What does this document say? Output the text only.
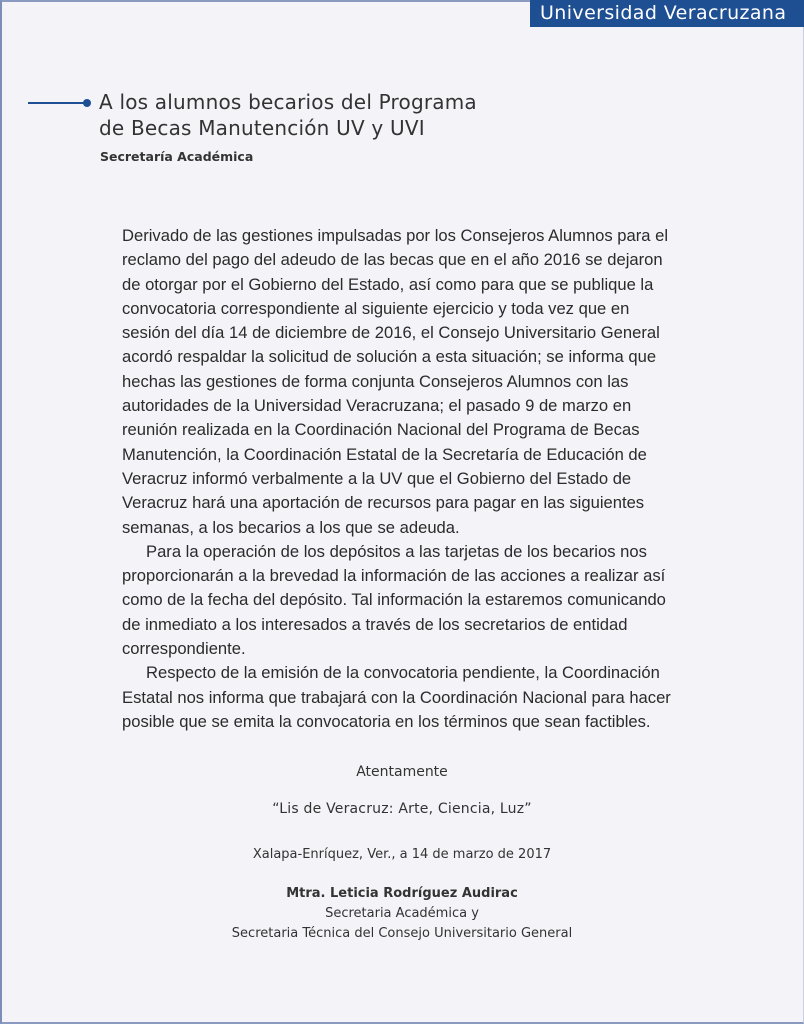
Universidad Veracruzana
A los alumnos becarios del Programa
de Becas Manutención UV y UVI
Secretaría Académica
Derivado de las gestiones impulsadas por los Consejeros Alumnos para el
reclamo del pago del adeudo de las becas que en el año 2016 se dejaron
de otorgar por el Gobierno del Estado, así como para que se publique la
convocatoria correspondiente al siguiente ejercicio y toda vez que en
sesión del día 14 de diciembre de 2016, el Consejo Universitario General
acordó respaldar la solicitud de solución a esta situación; se informa que
hechas las gestiones de forma conjunta Consejeros Alumnos con las
autoridades de la Universidad Veracruzana; el pasado 9 de marzo en
reunión realizada en la Coordinación Nacional del Programa de Becas
Manutención, la Coordinación Estatal de la Secretaría de Educación de
Veracruz informó verbalmente a la UV que el Gobierno del Estado de
Veracruz hará una aportación de recursos para pagar en las siguientes
semanas, a los becarios a los que se adeuda.
Para la operación de los depósitos a las tarjetas de los becarios nos
proporcionarán a la brevedad la información de las acciones a realizar así
como de la fecha del depósito. Tal información la estaremos comunicando
de inmediato a los interesados a través de los secretarios de entidad
correspondiente.
Respecto de la emisión de la convocatoria pendiente, la Coordinación
Estatal nos informa que trabajará con la Coordinación Nacional para hacer
posible que se emita la convocatoria en los términos que sean factibles.
Atentamente
“Lis de Veracruz: Arte, Ciencia, Luz”
Xalapa-Enríquez, Ver., a 14 de marzo de 2017
Mtra. Leticia Rodríguez Audirac
Secretaria Académica y
Secretaria Técnica del Consejo Universitario General
